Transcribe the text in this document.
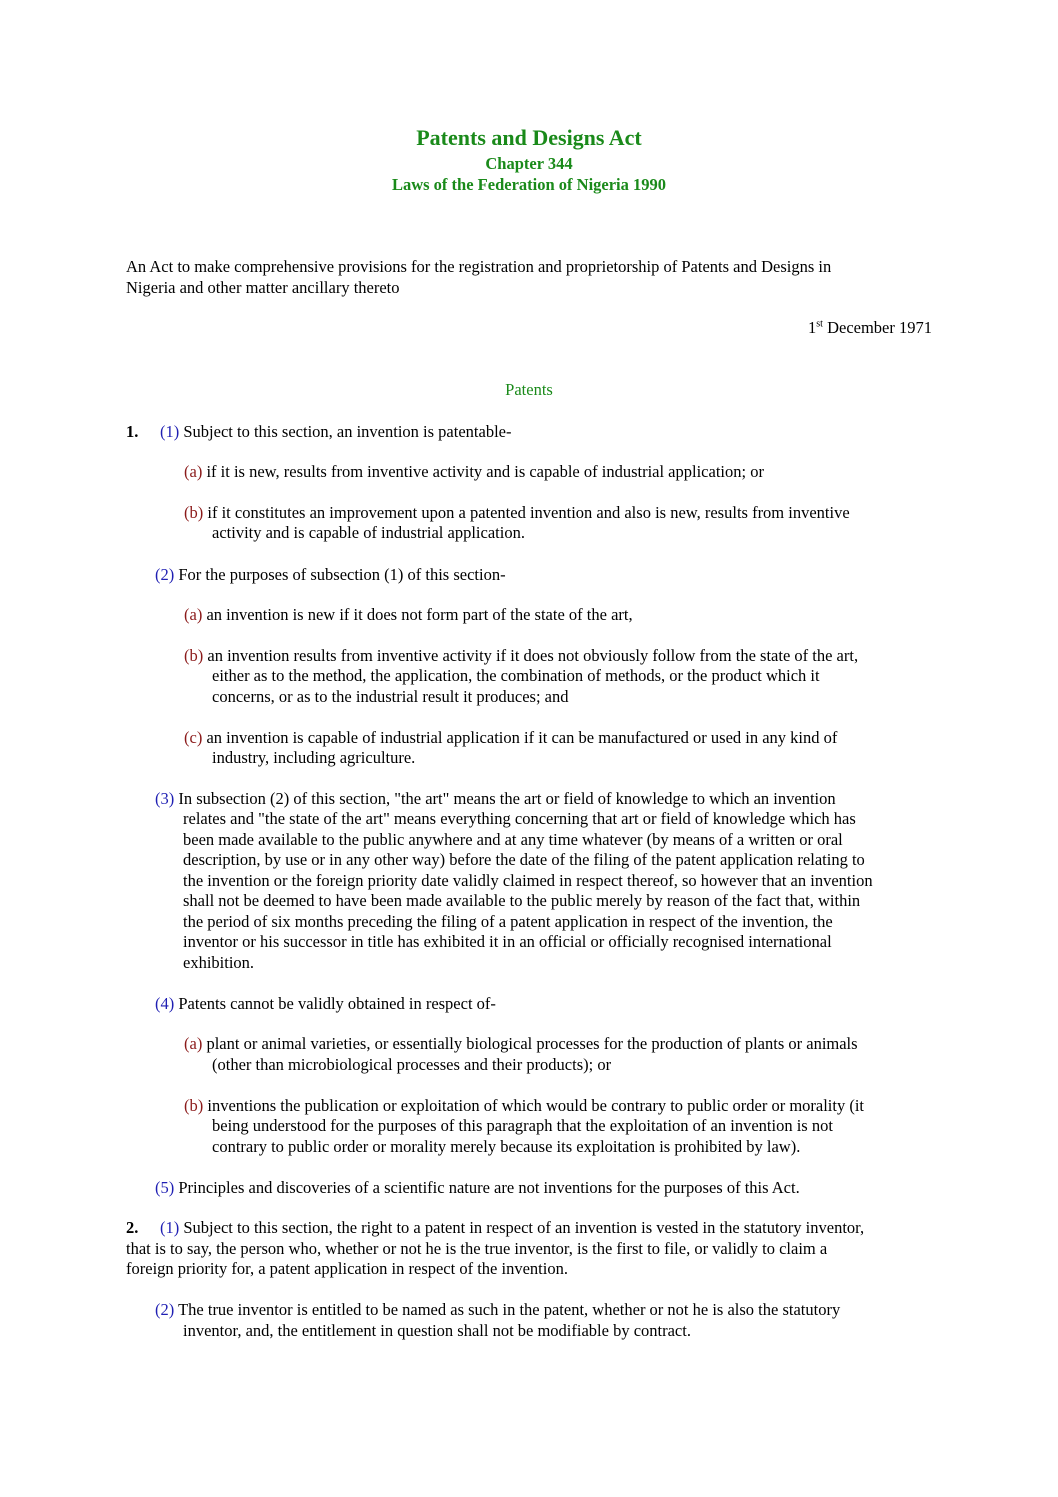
Patents and Designs Act
Chapter 344
Laws of the Federation of Nigeria 1990
An Act to make comprehensive provisions for the registration and proprietorship of Patents and Designs in
Nigeria and other matter ancillary thereto
1st December 1971
Patents
1. (1) Subject to this section, an invention is patentable-
(a) if it is new, results from inventive activity and is capable of industrial application; or
(b) if it constitutes an improvement upon a patented invention and also is new, results from inventive
activity and is capable of industrial application.
(2) For the purposes of subsection (1) of this section-
(a) an invention is new if it does not form part of the state of the art,
(b) an invention results from inventive activity if it does not obviously follow from the state of the art,
either as to the method, the application, the combination of methods, or the product which it
concerns, or as to the industrial result it produces; and
(c) an invention is capable of industrial application if it can be manufactured or used in any kind of
industry, including agriculture.
(3) In subsection (2) of this section, "the art" means the art or field of knowledge to which an invention
relates and "the state of the art" means everything concerning that art or field of knowledge which has
been made available to the public anywhere and at any time whatever (by means of a written or oral
description, by use or in any other way) before the date of the filing of the patent application relating to
the invention or the foreign priority date validly claimed in respect thereof, so however that an invention
shall not be deemed to have been made available to the public merely by reason of the fact that, within
the period of six months preceding the filing of a patent application in respect of the invention, the
inventor or his successor in title has exhibited it in an official or officially recognised international
exhibition.
(4) Patents cannot be validly obtained in respect of-
(a) plant or animal varieties, or essentially biological processes for the production of plants or animals
(other than microbiological processes and their products); or
(b) inventions the publication or exploitation of which would be contrary to public order or morality (it
being understood for the purposes of this paragraph that the exploitation of an invention is not
contrary to public order or morality merely because its exploitation is prohibited by law).
(5) Principles and discoveries of a scientific nature are not inventions for the purposes of this Act.
2. (1) Subject to this section, the right to a patent in respect of an invention is vested in the statutory inventor,
that is to say, the person who, whether or not he is the true inventor, is the first to file, or validly to claim a
foreign priority for, a patent application in respect of the invention.
(2) The true inventor is entitled to be named as such in the patent, whether or not he is also the statutory
inventor, and, the entitlement in question shall not be modifiable by contract.
